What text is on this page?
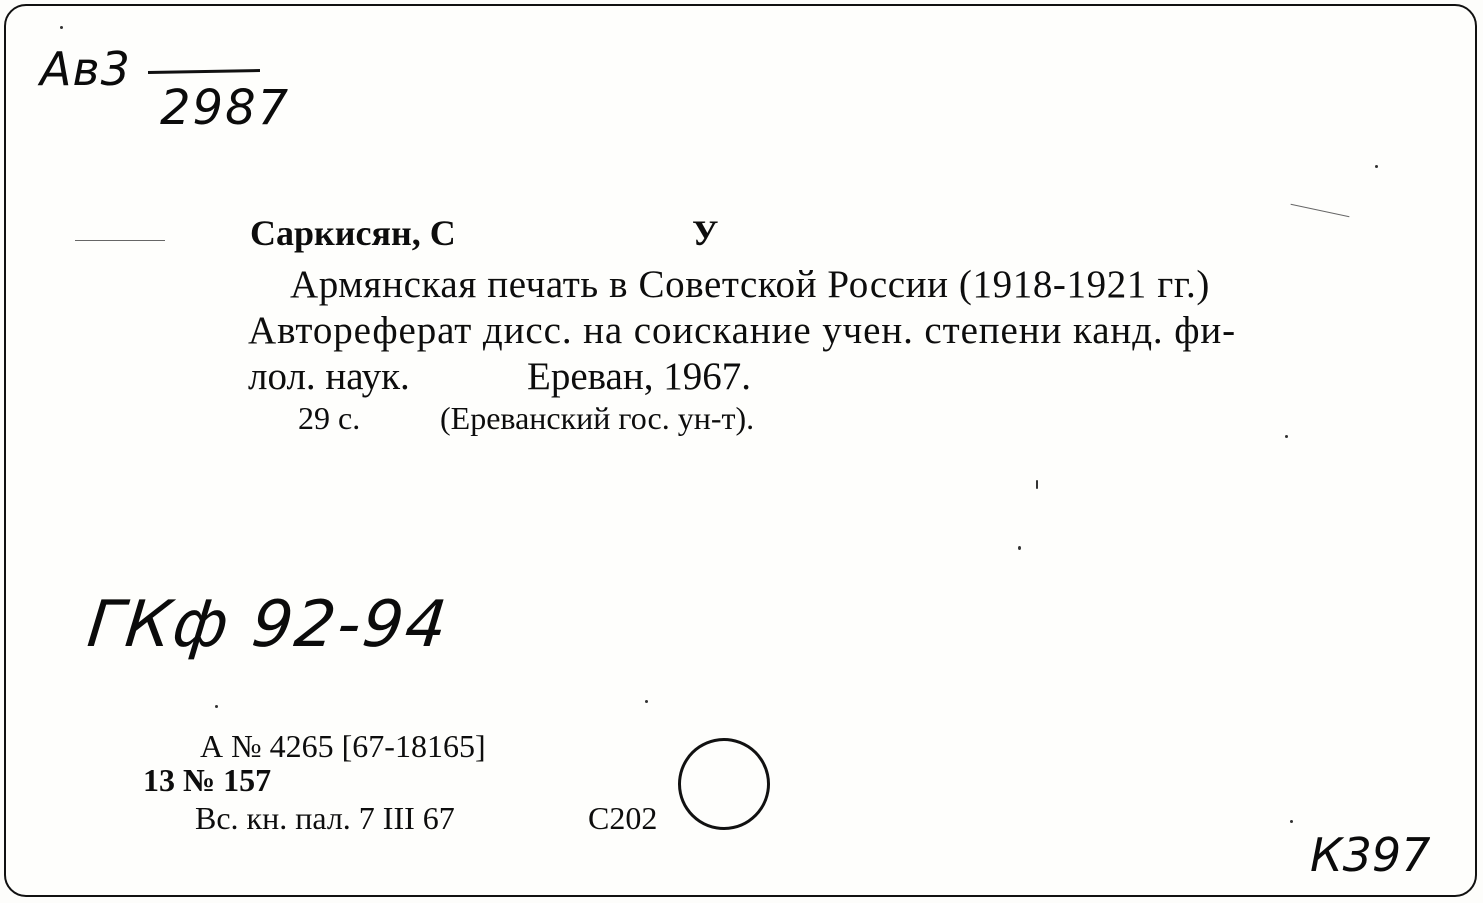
Ав3
2987
Саркисян, С	У
Армянская печать в Советской России (1918-1921 гг.)
Автореферат дисс. на соискание учен. степени канд. фи-
лол. наук.	Ереван, 1967.
29 с. (Ереванский гос. ун-т).
ГКф 92-94
А № 4265 [67-18165]
13 № 157
Вс. кн. пал. 7 III 67	С202
К397
